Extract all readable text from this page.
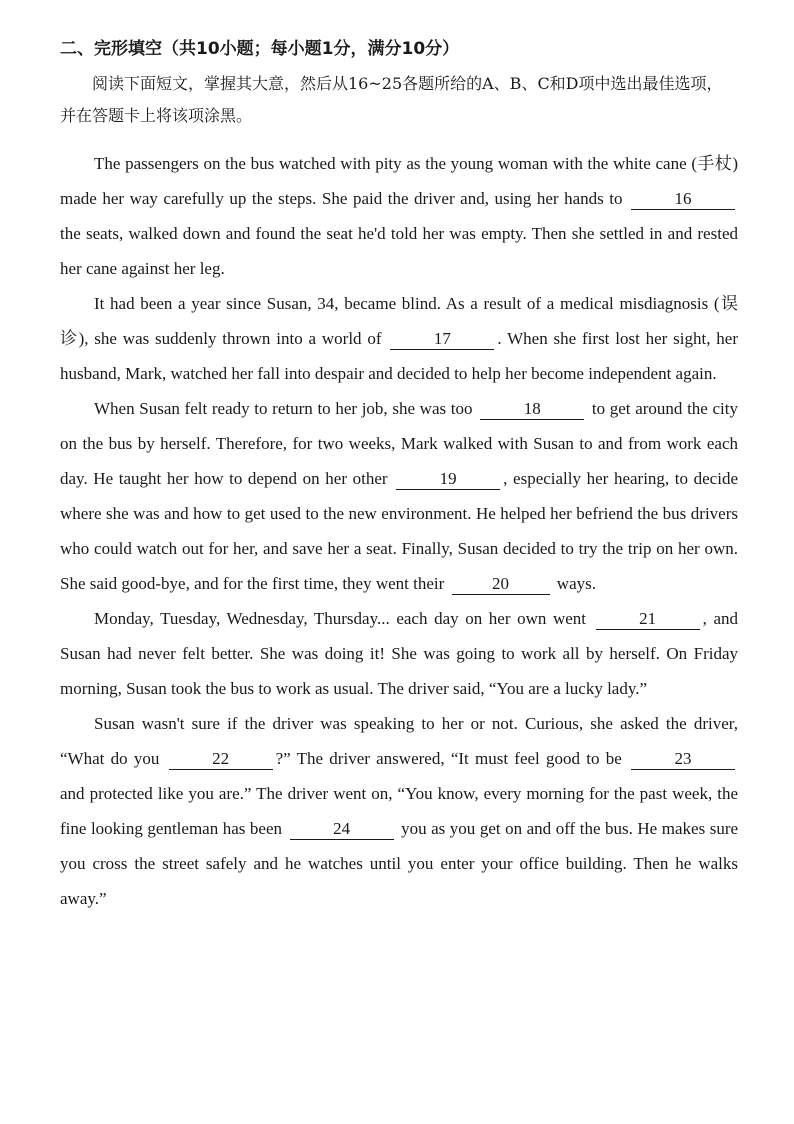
二、完形填空（共10小题；每小题1分，满分10分）
阅读下面短文，掌握其大意，然后从16~25各题所给的A、B、C和D项中选出最佳选项，并在答题卡上将该项涂黑。

The passengers on the bus watched with pity as the young woman with the white cane (手杖) made her way carefully up the steps. She paid the driver and, using her hands to	16 the seats, walked down and found the seat he'd told her was empty. Then she settled in and rested her cane against her leg.

It had been a year since Susan, 34, became blind. As a result of a medical misdiagnosis (误诊), she was suddenly thrown into a world of	17	. When she first lost her sight, her husband, Mark, watched her fall into despair and decided to help her become independent again.

When Susan felt ready to return to her job, she was too	18	to get around the city on the bus by herself. Therefore, for two weeks, Mark walked with Susan to and from work each day. He taught her how to depend on her other	19	, especially her hearing, to decide where she was and how to get used to the new environment. He helped her befriend the bus drivers who could watch out for her, and save her a seat. Finally, Susan decided to try the trip on her own. She said good-bye, and for the first time, they went their	20	ways.

Monday, Tuesday, Wednesday, Thursday... each day on her own went	21	, and Susan had never felt better. She was doing it! She was going to work all by herself. On Friday morning, Susan took the bus to work as usual. The driver said, “You are a lucky lady.”

Susan wasn't sure if the driver was speaking to her or not. Curious, she asked the driver, “What do you	22	?” The driver answered, “It must feel good to be	23 and protected like you are.” The driver went on, “You know, every morning for the past week, the fine looking gentleman has been	24	you as you get on and off the bus. He makes sure you cross the street safely and he watches until you enter your office building. Then he walks away.”
